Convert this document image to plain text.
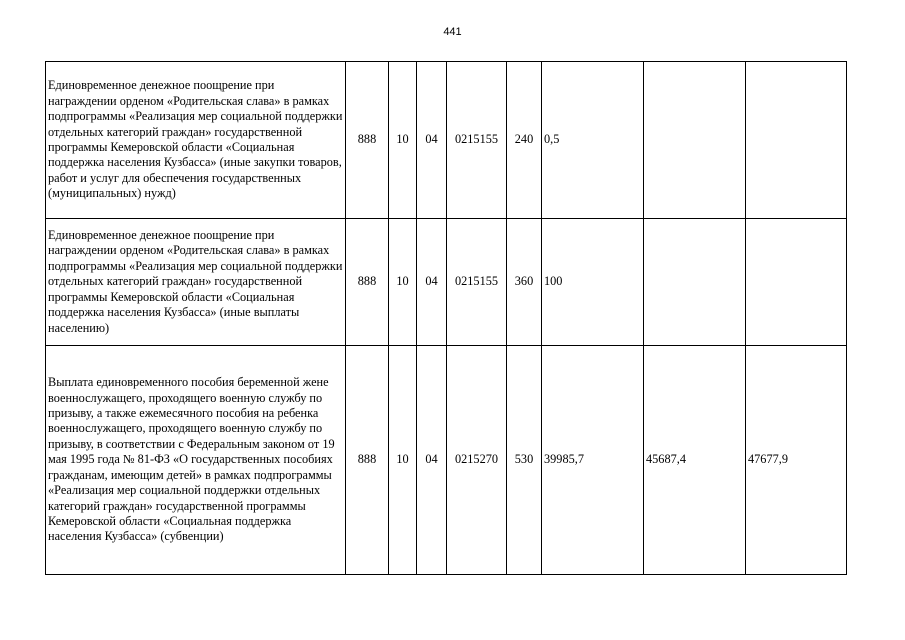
441
Единовременное денежное поощрение при награждении орденом «Родительская слава» в рамках подпрограммы «Реализация мер социальной поддержки отдельных категорий граждан» государственной программы Кемеровской области «Социальная поддержка населения Кузбасса» (иные закупки товаров, работ и услуг для обеспечения государственных (муниципальных) нужд)	888	10	04	0215155	240	0,5		
Единовременное денежное поощрение при награждении орденом «Родительская слава» в рамках подпрограммы «Реализация мер социальной поддержки отдельных категорий граждан» государственной программы Кемеровской области «Социальная поддержка населения Кузбасса» (иные выплаты населению)	888	10	04	0215155	360	100		
Выплата единовременного пособия беременной жене военнослужащего, проходящего военную службу по призыву, а также ежемесячного пособия на ребенка военнослужащего, проходящего военную службу по призыву, в соответствии с Федеральным законом от 19 мая 1995 года № 81-ФЗ «О государственных пособиях гражданам, имеющим детей» в рамках подпрограммы «Реализация мер социальной поддержки отдельных категорий граждан» государственной программы Кемеровской области «Социальная поддержка населения Кузбасса» (субвенции)	888	10	04	0215270	530	39985,7	45687,4	47677,9
